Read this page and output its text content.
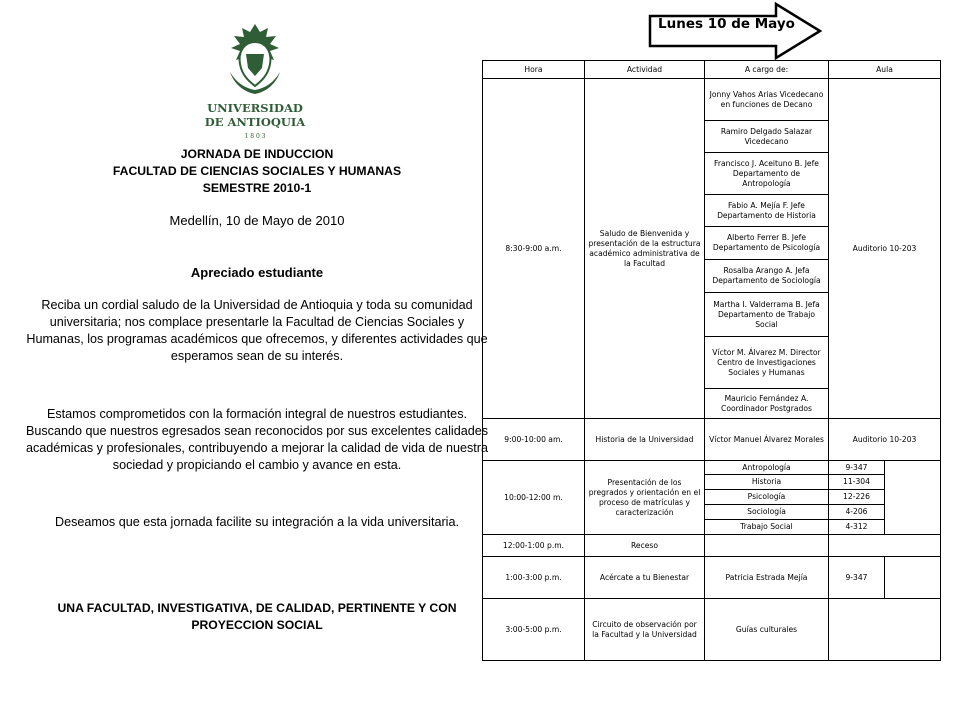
UNIVERSIDAD
DE ANTIOQUIA
1 8 0 3
JORNADA DE INDUCCION
FACULTAD DE CIENCIAS SOCIALES Y HUMANAS
SEMESTRE 2010-1
Medellín, 10 de Mayo de 2010
Apreciado estudiante
Reciba un cordial saludo de la Universidad de Antioquia y toda su comunidad universitaria; nos complace presentarle la Facultad de Ciencias Sociales y Humanas, los programas académicos que ofrecemos, y diferentes actividades que esperamos sean de su interés.
Estamos comprometidos con la formación integral de nuestros estudiantes. Buscando que nuestros egresados sean reconocidos por sus excelentes calidades académicas y profesionales, contribuyendo a mejorar la calidad de vida de nuestra sociedad y propiciando el cambio y avance en esta.
Deseamos que esta jornada facilite su integración a la vida universitaria.
UNA FACULTAD, INVESTIGATIVA, DE CALIDAD, PERTINENTE Y CON PROYECCION SOCIAL
Lunes 10 de Mayo
Hora	Actividad	A cargo de:	Aula	
8:30-9:00 a.m.	Saludo de Bienvenida y presentación de la estructura académico administrativa de la Facultad	Jonny Vahos Arias Vicedecano en funciones de Decano	Auditorio 10-203	
		Ramiro Delgado Salazar Vicedecano		
		Francisco J. Aceituno B. Jefe Departamento de Antropología		
		Fabio A. Mejía F. Jefe Departamento de Historia		
		Alberto Ferrer B. Jefe Departamento de Psicología		
		Rosalba Arango A. Jefa Departamento de Sociología		
		Martha I. Valderrama B. Jefa Departamento de Trabajo Social		
		Víctor M. Álvarez M. Director Centro de Investigaciones Sociales y Humanas		
		Mauricio Fernández A. Coordinador Postgrados		
9:00-10:00 am.	Historia de la Universidad	Víctor Manuel Álvarez Morales	Auditorio 10-203	
10:00-12:00 m.	Presentación de los pregrados y orientación en el proceso de matrículas y caracterización	Antropología	9-347	
		Historia	11-304	
		Psicología	12-226	
		Sociología	4-206	
		Trabajo Social	4-312	
12:00-1:00 p.m.	Receso			
1:00-3:00 p.m.	Acércate a tu Bienestar	Patricia Estrada Mejía	9-347	
3:00-5:00 p.m.	Circuito de observación por la Facultad y la Universidad	Guías culturales		
